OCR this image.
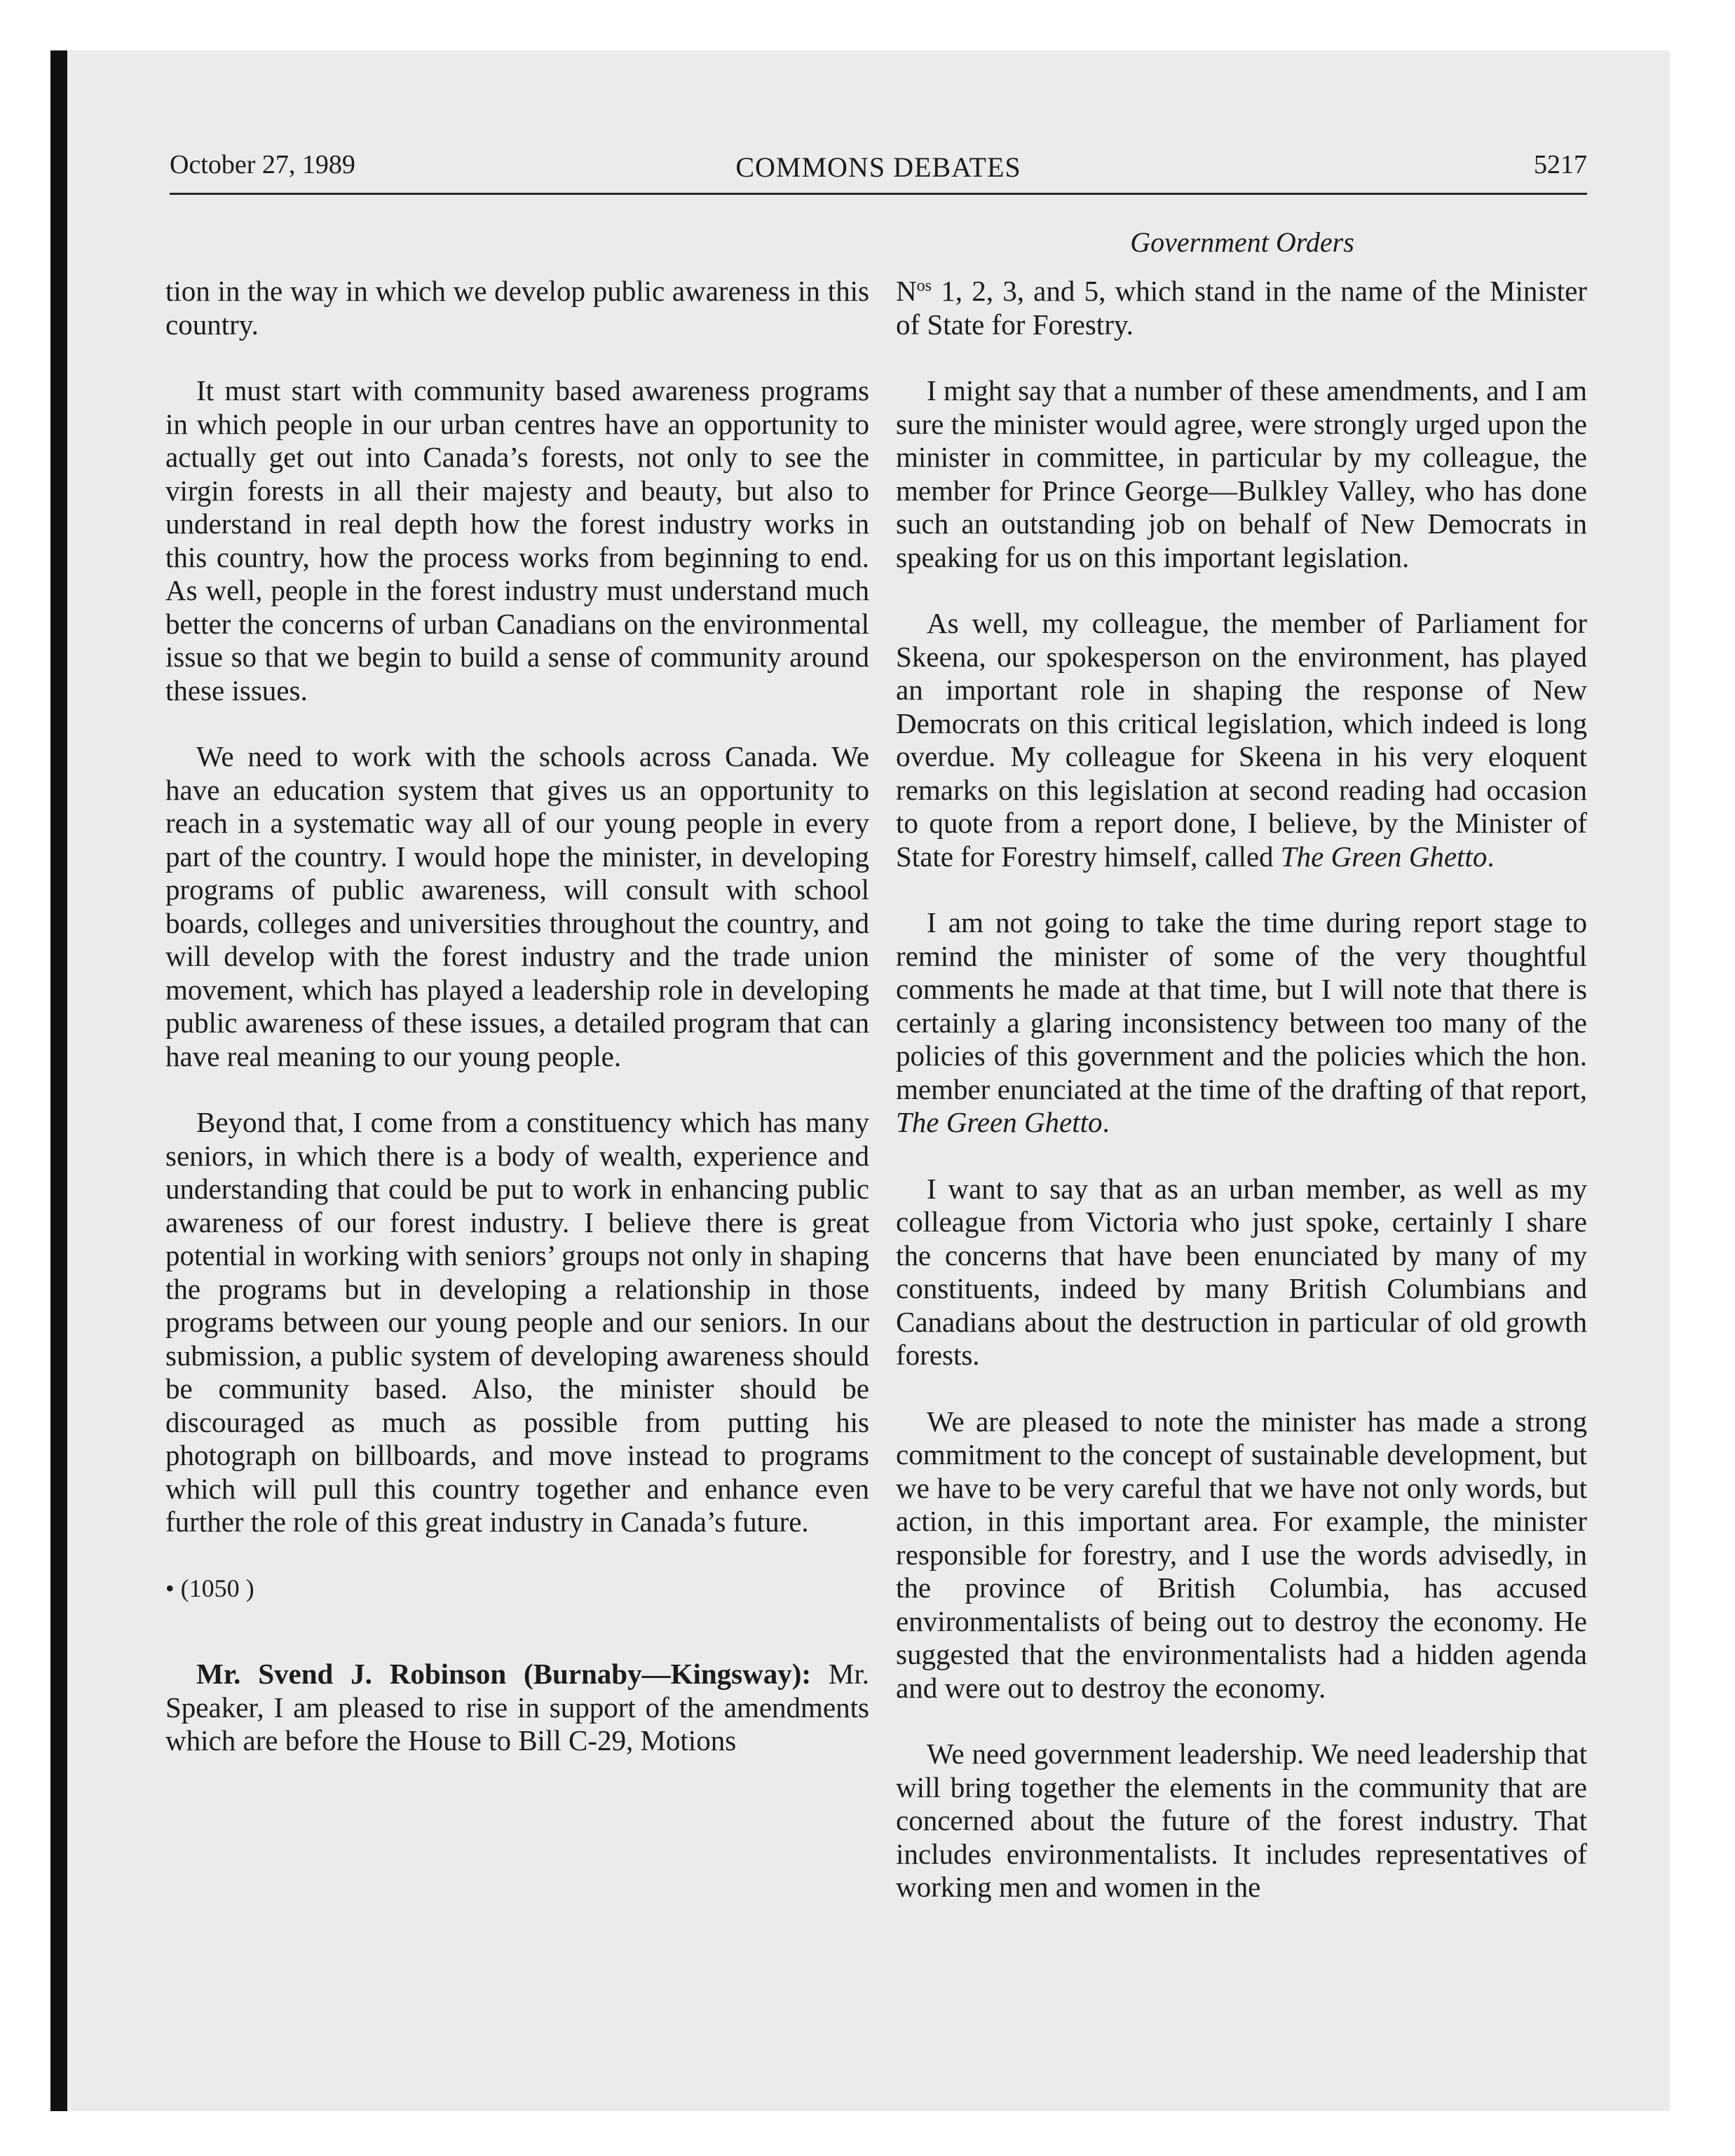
October 27, 1989	COMMONS DEBATES	5217
Government Orders

tion in the way in which we develop public awareness in this country.

It must start with community based awareness programs in which people in our urban centres have an opportunity to actually get out into Canada’s forests, not only to see the virgin forests in all their majesty and beauty, but also to understand in real depth how the forest industry works in this country, how the process works from beginning to end. As well, people in the forest industry must understand much better the concerns of urban Canadians on the environmental issue so that we begin to build a sense of community around these issues.

We need to work with the schools across Canada. We have an education system that gives us an opportunity to reach in a systematic way all of our young people in every part of the country. I would hope the minister, in developing programs of public awareness, will consult with school boards, colleges and universities throughout the country, and will develop with the forest industry and the trade union movement, which has played a leadership role in developing public awareness of these issues, a detailed program that can have real meaning to our young people.

Beyond that, I come from a constituency which has many seniors, in which there is a body of wealth, experience and understanding that could be put to work in enhancing public awareness of our forest industry. I believe there is great potential in working with seniors’ groups not only in shaping the programs but in developing a relationship in those programs between our young people and our seniors. In our submission, a public system of developing awareness should be community based. Also, the minister should be discouraged as much as possible from putting his photograph on billboards, and move instead to programs which will pull this country together and enhance even further the role of this great industry in Canada’s future.

• (1050 )

Mr. Svend J. Robinson (Burnaby—Kingsway): Mr. Speaker, I am pleased to rise in support of the amendments which are before the House to Bill C-29, Motions

$N^{os}$ 1, 2, 3, and 5, which stand in the name of the Minister of State for Forestry.

I might say that a number of these amendments, and I am sure the minister would agree, were strongly urged upon the minister in committee, in particular by my colleague, the member for Prince George—Bulkley Valley, who has done such an outstanding job on behalf of New Democrats in speaking for us on this important legislation.

As well, my colleague, the member of Parliament for Skeena, our spokesperson on the environment, has played an important role in shaping the response of New Democrats on this critical legislation, which indeed is long overdue. My colleague for Skeena in his very eloquent remarks on this legislation at second reading had occasion to quote from a report done, I believe, by the Minister of State for Forestry himself, called The Green Ghetto.

I am not going to take the time during report stage to remind the minister of some of the very thoughtful comments he made at that time, but I will note that there is certainly a glaring inconsistency between too many of the policies of this government and the policies which the hon. member enunciated at the time of the drafting of that report, The Green Ghetto.

I want to say that as an urban member, as well as my colleague from Victoria who just spoke, certainly I share the concerns that have been enunciated by many of my constituents, indeed by many British Columbians and Canadians about the destruction in particular of old growth forests.

We are pleased to note the minister has made a strong commitment to the concept of sustainable development, but we have to be very careful that we have not only words, but action, in this important area. For example, the minister responsible for forestry, and I use the words advisedly, in the province of British Columbia, has accused environmentalists of being out to destroy the economy. He suggested that the environmentalists had a hidden agenda and were out to destroy the economy.

We need government leadership. We need leadership that will bring together the elements in the community that are concerned about the future of the forest industry. That includes environmentalists. It includes representatives of working men and women in the
